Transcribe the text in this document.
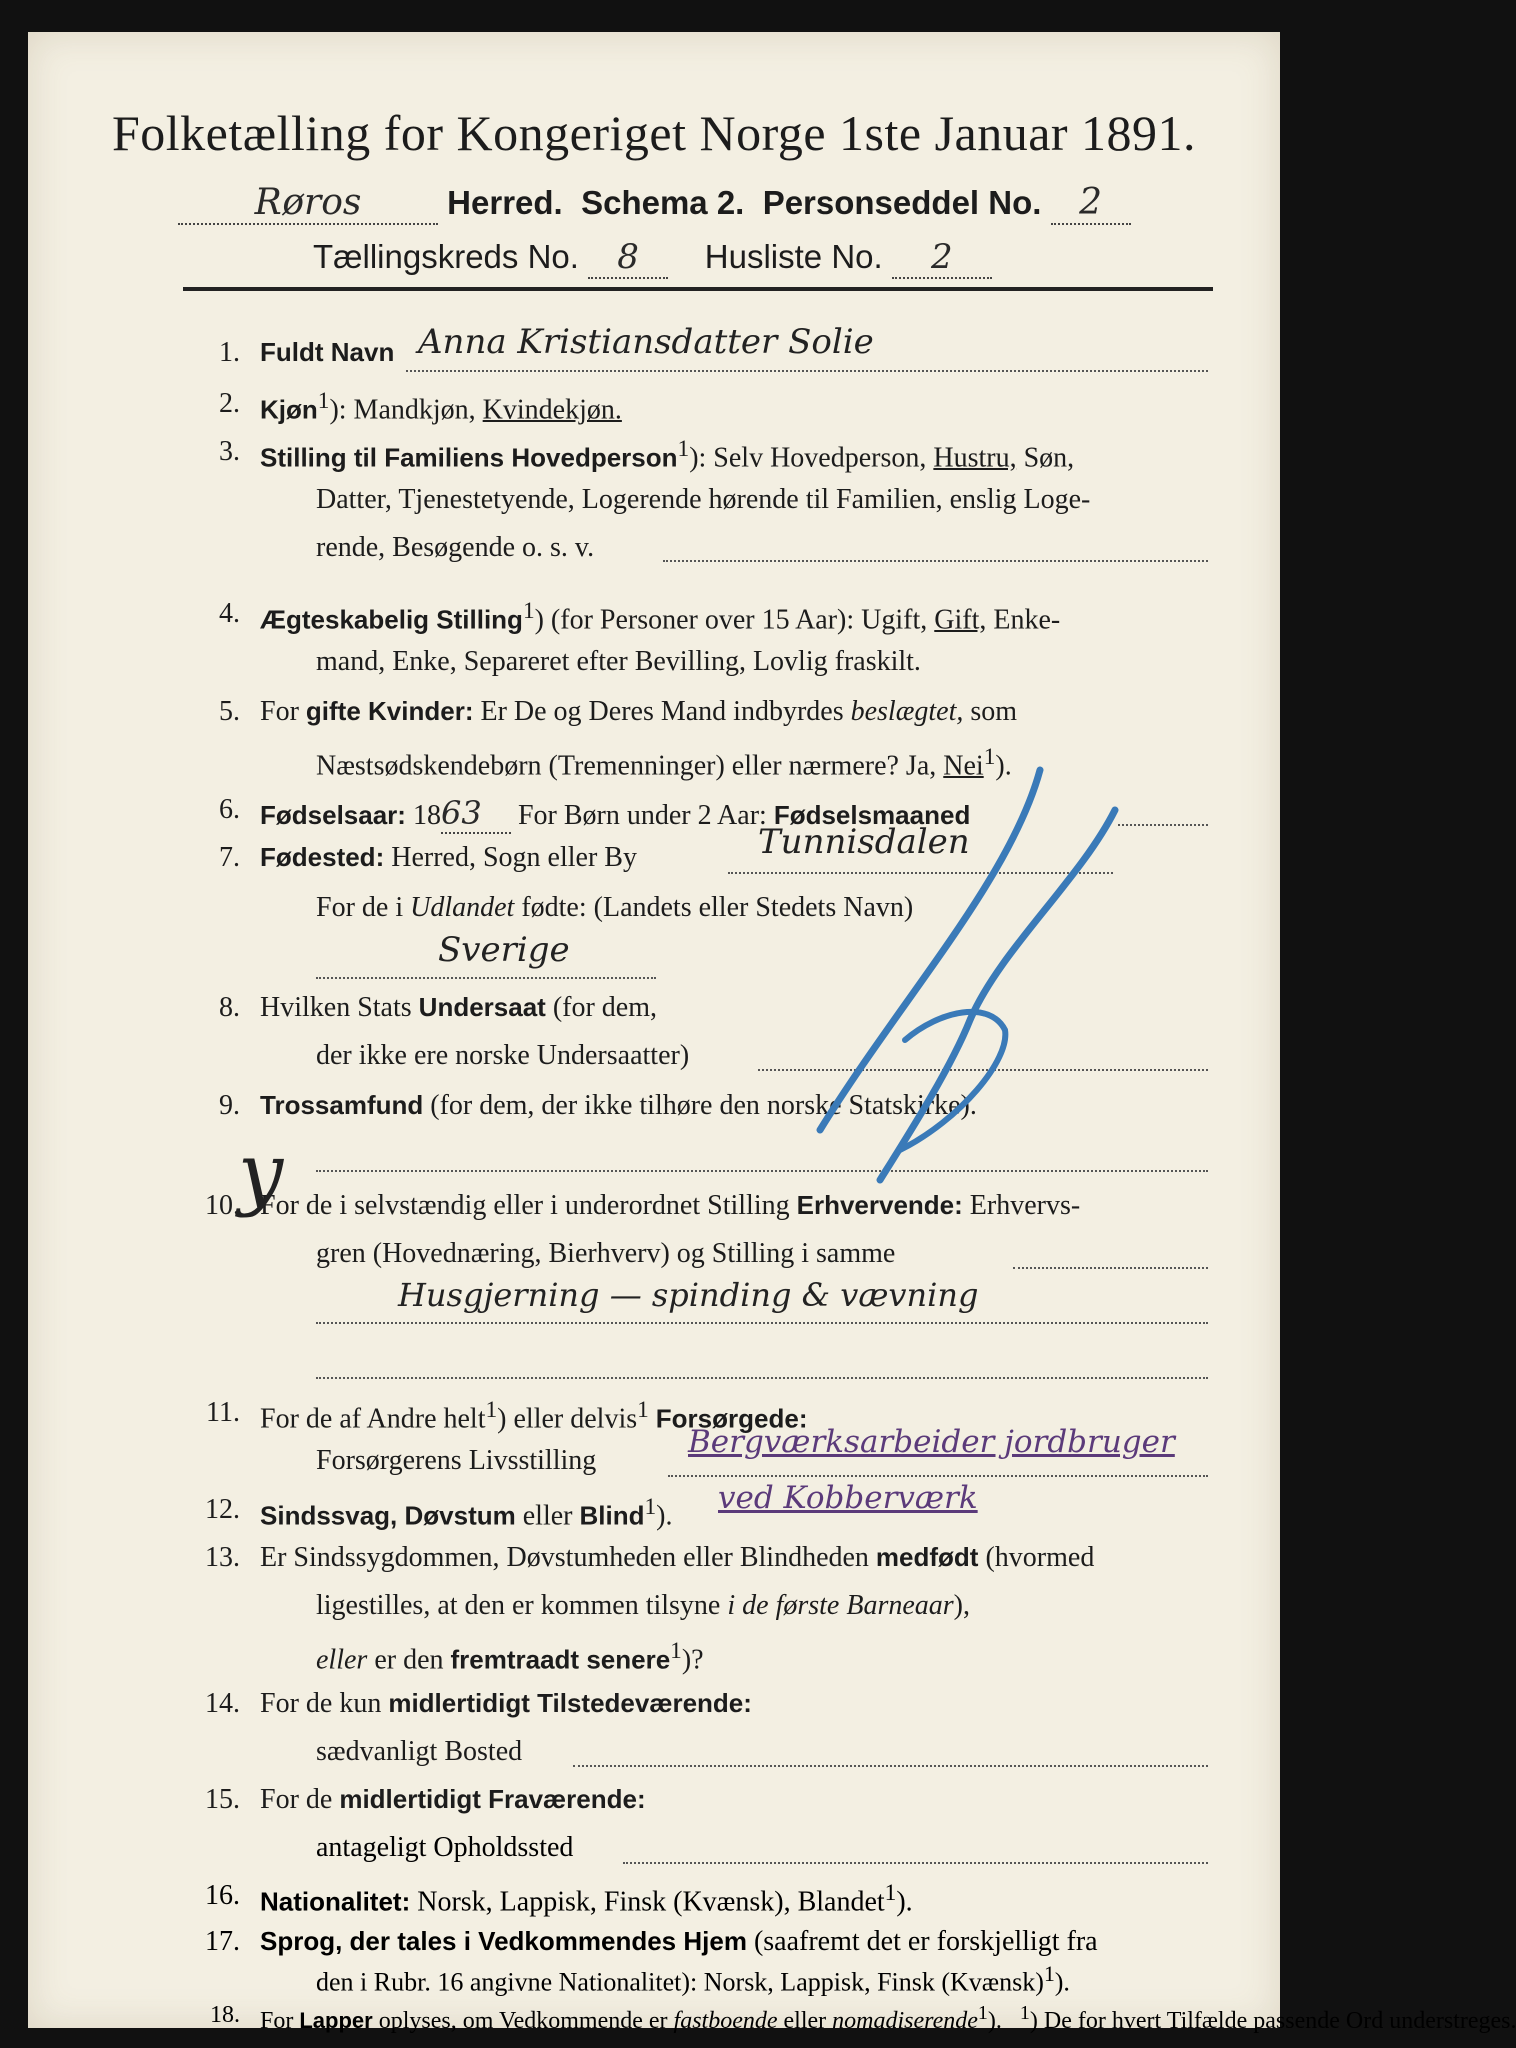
Folketælling for Kongeriget Norge 1ste Januar 1891.
Røros	Herred. Schema 2. Personseddel No. 2
Tællingskreds No. 8 Husliste No. 2
1. Fuldt Navn Anna Kristiansdatter Solie
2. Kjøn$^1$): Mandkjøn, Kvindekjøn.
3. Stilling til Familiens Hovedperson$^1$): Selv Hovedperson, Hustru, Søn,
Datter, Tjenestetyende, Logerende hørende til Familien, enslig Loge-
rende, Besøgende o. s. v.
4. Ægteskabelig Stilling$^1$) (for Personer over 15 Aar): Ugift, Gift, Enke-
mand, Enke, Separeret efter Bevilling, Lovlig fraskilt.
5. For gifte Kvinder: Er De og Deres Mand indbyrdes beslægtet, som
Næstsødskendebørn (Tremenninger) eller nærmere? Ja, Nei$^1$).
6. Fødselsaar: 1863 For Børn under 2 Aar: Fødselsmaaned
7. Fødested: Herred, Sogn eller By	Tunnisdalen
For de i Udlandet fødte: (Landets eller Stedets Navn)
Sverige
8. Hvilken Stats Undersaat (for dem,
der ikke ere norske Undersaatter)
9. Trossamfund (for dem, der ikke tilhøre den norske Statskirke).
10. For de i selvstændig eller i underordnet Stilling Erhvervende: Erhvervs-
gren (Hovednæring, Bierhverv) og Stilling i samme
Husgjerning — spinding & vævning
11. For de af Andre helt$^1$) eller delvis$^1$ Forsørgede:
Forsørgerens Livsstilling
Bergværksarbeider jordbruger
12. Sindssvag, Døvstum eller Blind$^1$). ved Kobberværk
13. Er Sindssygdommen, Døvstumheden eller Blindheden medfødt (hvormed
ligestilles, at den er kommen tilsyne i de første Barneaar),
eller er den fremtraadt senere$^1$)?
14. For de kun midlertidigt Tilstedeværende:
sædvanligt Bosted
15. For de midlertidigt Fraværende:
antageligt Opholdssted
16. Nationalitet: Norsk, Lappisk, Finsk (Kvænsk), Blandet$^1$).
17. Sprog, der tales i Vedkommendes Hjem (saafremt det er forskjelligt fra
den i Rubr. 16 angivne Nationalitet): Norsk, Lappisk, Finsk (Kvænsk)$^1$).
y
18. For Lapper oplyses, om Vedkommende er fastboende eller nomadiserende$^1$). $^1$) De for hvert Tilfælde passende Ord understreges.
